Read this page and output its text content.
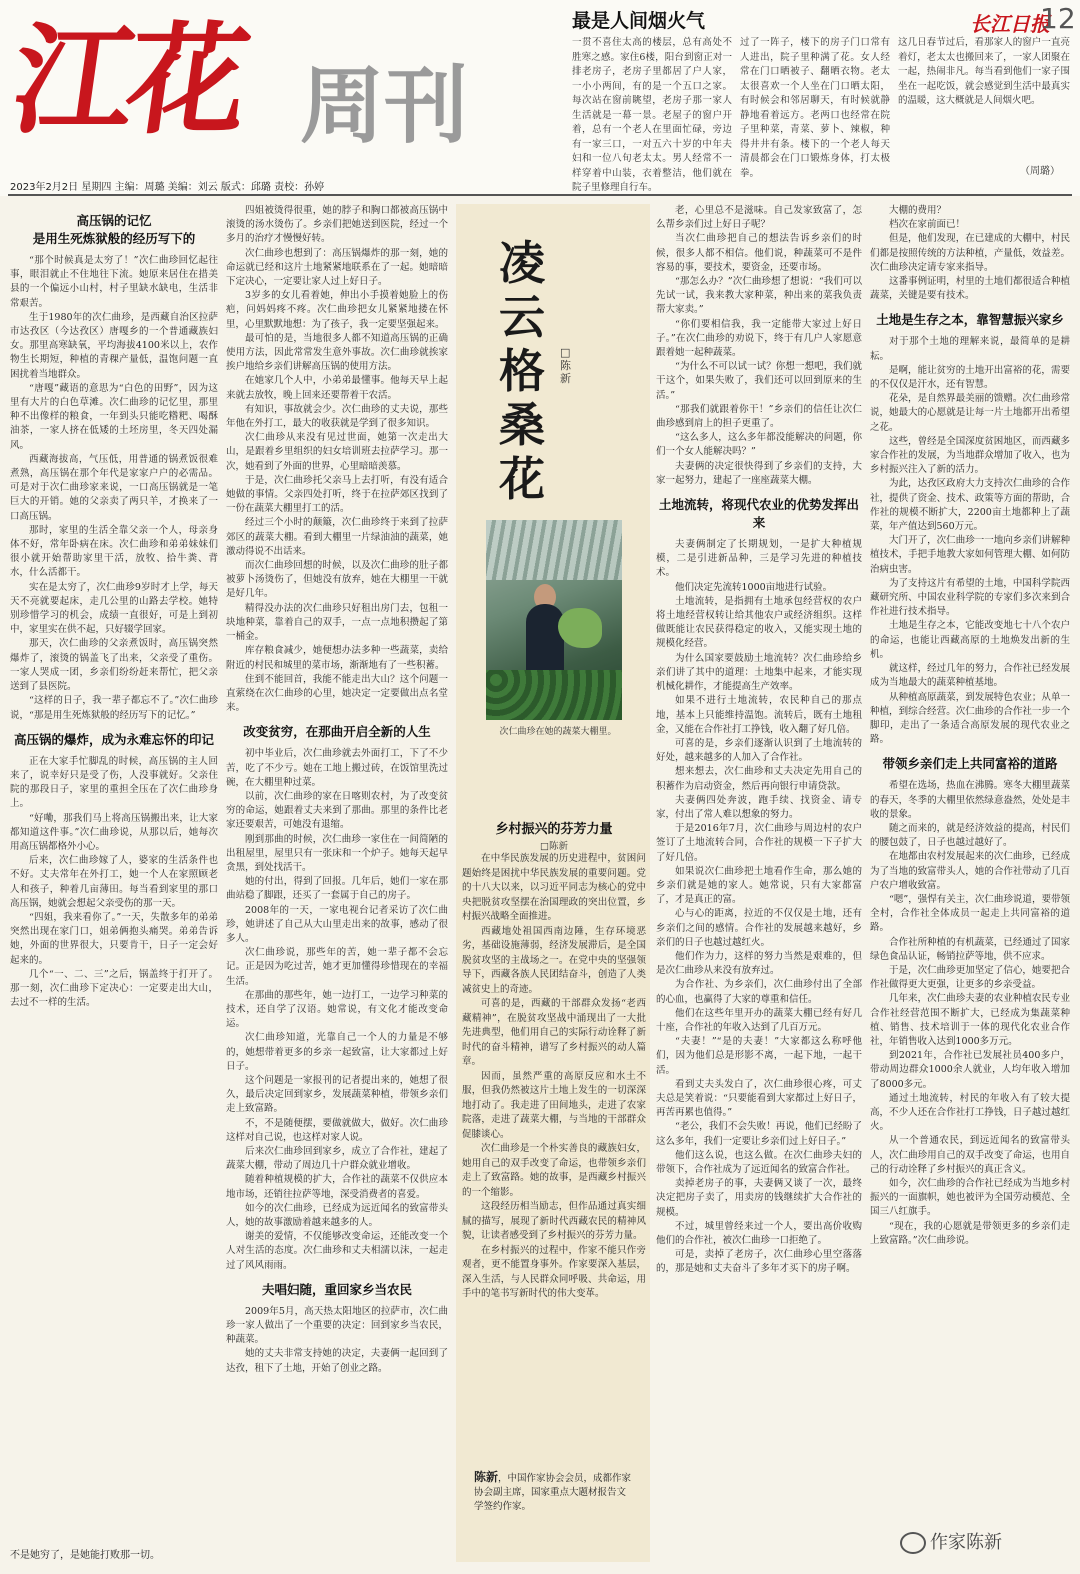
江花 周刊
最是人间烟火气	长江日报
12
一贯不喜住太高的楼层，总有高处不胜寒之感。家住6楼，阳台到窗正对一排老房子，老房子里都居了户人家，一小小两间，有的是一个五口之家。每次站在窗前眺望，老房子那一家人生活就是一幕一景。老屋子的窗户开着，总有一个老人在里面忙碌，旁边有一家三口，一对五六十岁的中年夫妇和一位八旬老太太。男人经常不一样穿着中山装，衣着整洁，他们就在院子里修理自行车。
过了一阵子，楼下的房子门口常有人进出，院子里种满了花。女人经常在门口晒被子、翻晒衣物。老太太很喜欢一个人坐在门口晒太阳，有时候会和邻居聊天，有时候就静静地看着远方。老两口也经常在院子里种菜，青菜、萝卜、辣椒，种得井井有条。楼下的一个老人每天清晨都会在门口锻炼身体，打太极拳。
这几日春节过后，看那家人的窗户一直亮着灯，老太太也搬回来了，一家人团聚在一起，热闹非凡。每当看到他们一家子围坐在一起吃饭，就会感觉到生活中最真实的温暖，这大概就是人间烟火吧。
（周璐）
2023年2月2日 星期四 主编：周璐 美编：刘云 版式：邱璐 责校：孙婷
高压锅的记忆
是用生死炼狱般的经历写下的

“那个时候真是太穷了！”次仁曲珍回忆起往事，眼泪就止不住地往下流。她原来居住在措美县的一个偏远小山村，村子里缺水缺电，生活非常艰苦。

生于1980年的次仁曲珍，是西藏自治区拉萨市达孜区（今达孜区）唐嘎乡的一个普通藏族妇女。那里高寒缺氧，平均海拔4100米以上，农作物生长期短，种植的青稞产量低，温饱问题一直困扰着当地群众。

“唐嘎”藏语的意思为“白色的田野”，因为这里有大片的白色草滩。次仁曲珍的记忆里，那里种不出像样的粮食，一年到头只能吃糌粑、喝酥油茶，一家人挤在低矮的土坯房里，冬天四处漏风。

西藏海拔高，气压低，用普通的锅煮饭很难煮熟，高压锅在那个年代是家家户户的必需品。可是对于次仁曲珍家来说，一口高压锅就是一笔巨大的开销。她的父亲卖了两只羊，才换来了一口高压锅。

那时，家里的生活全靠父亲一个人，母亲身体不好，常年卧病在床。次仁曲珍和弟弟妹妹们很小就开始帮助家里干活，放牧、拾牛粪、背水，什么活都干。

实在是太穷了，次仁曲珍9岁时才上学，每天天不亮就要起床，走几公里的山路去学校。她特别珍惜学习的机会，成绩一直很好，可是上到初中，家里实在供不起，只好辍学回家。

那天，次仁曲珍的父亲煮饭时，高压锅突然爆炸了，滚烫的锅盖飞了出来，父亲受了重伤。一家人哭成一团，乡亲们纷纷赶来帮忙，把父亲送到了县医院。

“这样的日子，我一辈子都忘不了。”次仁曲珍说，“那是用生死炼狱般的经历写下的记忆。”

高压锅的爆炸，成为永难忘怀的印记

正在大家手忙脚乱的时候，高压锅的主人回来了，说幸好只是受了伤，人没事就好。父亲住院的那段日子，家里的重担全压在了次仁曲珍身上。

“好嘞，那我们马上将高压锅搬出来，让大家都知道这件事。”次仁曲珍说，从那以后，她每次用高压锅都格外小心。

后来，次仁曲珍嫁了人，婆家的生活条件也不好。丈夫常年在外打工，她一个人在家照顾老人和孩子，种着几亩薄田。每当看到家里的那口高压锅，她就会想起父亲受伤的那一天。

“四姐，我来看你了。”一天，失散多年的弟弟突然出现在家门口，姐弟俩抱头痛哭。弟弟告诉她，外面的世界很大，只要肯干，日子一定会好起来的。

几个“一、二、三”之后，锅盖终于打开了。那一刻，次仁曲珍下定决心：一定要走出大山，去过不一样的生活。

四姐被烫得很重，她的脖子和胸口都被高压锅中滚烫的汤水烫伤了。乡亲们把她送到医院，经过一个多月的治疗才慢慢好转。

次仁曲珍也想到了：高压锅爆炸的那一刻，她的命运就已经和这片土地紧紧地联系在了一起。她暗暗下定决心，一定要让家人过上好日子。

3岁多的女儿看着她，伸出小手摸着她脸上的伤疤，问妈妈疼不疼。次仁曲珍把女儿紧紧地搂在怀里，心里默默地想：为了孩子，我一定要坚强起来。

最可怕的是，当地很多人都不知道高压锅的正确使用方法，因此常常发生意外事故。次仁曲珍就挨家挨户地给乡亲们讲解高压锅的使用方法。

在她家几个人中，小弟弟最懂事。他每天早上起来就去放牧，晚上回来还要帮着干农活。

有知识，事故就会少。次仁曲珍的丈夫说，那些年他在外打工，最大的收获就是学到了很多知识。

次仁曲珍从来没有见过世面，她第一次走出大山，是跟着乡里组织的妇女培训班去拉萨学习。那一次，她看到了外面的世界，心里暗暗羡慕。

于是，次仁曲珍托父亲马上去打听，有没有适合她做的事情。父亲四处打听，终于在拉萨郊区找到了一份在蔬菜大棚里打工的活。

经过三个小时的颠簸，次仁曲珍终于来到了拉萨郊区的蔬菜大棚。看到大棚里一片绿油油的蔬菜，她激动得说不出话来。

而次仁曲珍回想的时候，以及次仁曲珍的肚子都被萝卜汤烫伤了，但她没有放弃，她在大棚里一干就是好几年。

精得没办法的次仁曲珍只好租出房门去，包租一块地种菜，靠着自己的双手，一点一点地积攒起了第一桶金。

库存粮食减少，她便想办法多种一些蔬菜，卖给附近的村民和城里的菜市场，渐渐地有了一些积蓄。

住到不能回首，我能不能走出大山？这个问题一直萦绕在次仁曲珍的心里，她决定一定要做出点名堂来。

改变贫穷，在那曲开启全新的人生

初中毕业后，次仁曲珍就去外面打工，下了不少苦，吃了不少亏。她在工地上搬过砖，在饭馆里洗过碗，在大棚里种过菜。

以前，次仁曲珍的家在日喀则农村，为了改变贫穷的命运，她跟着丈夫来到了那曲。那里的条件比老家还要艰苦，可她没有退缩。

刚到那曲的时候，次仁曲珍一家住在一间简陋的出租屋里，屋里只有一张床和一个炉子。她每天起早贪黑，到处找活干。

她的付出，得到了回报。几年后，她们一家在那曲站稳了脚跟，还买了一套属于自己的房子。

2008年的一天，一家电视台记者采访了次仁曲珍，她讲述了自己从大山里走出来的故事，感动了很多人。

次仁曲珍说，那些年的苦，她一辈子都不会忘记。正是因为吃过苦，她才更加懂得珍惜现在的幸福生活。

在那曲的那些年，她一边打工，一边学习种菜的技术，还自学了汉语。她常说，有文化才能改变命运。

次仁曲珍知道，光靠自己一个人的力量是不够的，她想带着更多的乡亲一起致富，让大家都过上好日子。

这个问题是一家报刊的记者提出来的，她想了很久，最后决定回到家乡，发展蔬菜种植，带领乡亲们走上致富路。

不，不是随便摆，要做就做大，做好。次仁曲珍这样对自己说，也这样对家人说。

后来次仁曲珍回到家乡，成立了合作社，建起了蔬菜大棚，带动了周边几十户群众就业增收。

随着种植规模的扩大，合作社的蔬菜不仅供应本地市场，还销往拉萨等地，深受消费者的喜爱。

如今的次仁曲珍，已经成为远近闻名的致富带头人，她的故事激励着越来越多的人。

谢美的爱情，不仅能够改变命运，还能改变一个人对生活的态度。次仁曲珍和丈夫相濡以沫，一起走过了风风雨雨。

夫唱妇随，重回家乡当农民

2009年5月，高天热太阳地区的拉萨市，次仁曲珍一家人做出了一个重要的决定：回到家乡当农民，种蔬菜。

她的丈夫非常支持她的决定，夫妻俩一起回到了达孜，租下了土地，开始了创业之路。

凌云格桑花
□陈新
次仁曲珍在她的蔬菜大棚里。
乡村振兴的芬芳力量
□陈新

在中华民族发展的历史进程中，贫困问题始终是困扰中华民族发展的重要问题。党的十八大以来，以习近平同志为核心的党中央把脱贫攻坚摆在治国理政的突出位置，乡村振兴战略全面推进。

西藏地处祖国西南边陲，生存环境恶劣，基础设施薄弱，经济发展滞后，是全国脱贫攻坚的主战场之一。在党中央的坚强领导下，西藏各族人民团结奋斗，创造了人类减贫史上的奇迹。

可喜的是，西藏的干部群众发扬“老西藏精神”，在脱贫攻坚战中涌现出了一大批先进典型，他们用自己的实际行动诠释了新时代的奋斗精神，谱写了乡村振兴的动人篇章。

因而，虽然严重的高原反应和水土不服，但我仍然被这片土地上发生的一切深深地打动了。我走进了田间地头，走进了农家院落，走进了蔬菜大棚，与当地的干部群众促膝谈心。

次仁曲珍是一个朴实善良的藏族妇女，她用自己的双手改变了命运，也带领乡亲们走上了致富路。她的故事，是西藏乡村振兴的一个缩影。

这段经历相当励志，但作品通过真实细腻的描写，展现了新时代西藏农民的精神风貌，让读者感受到了乡村振兴的芬芳力量。

在乡村振兴的过程中，作家不能只作旁观者，更不能置身事外。作家要深入基层，深入生活，与人民群众同呼吸、共命运，用手中的笔书写新时代的伟大变革。

陈新，中国作家协会会员，成都作家协会副主席，国家重点大题材报告文学签约作家。

老，心里总不是滋味。自己发家致富了，怎么帮乡亲们过上好日子呢？

当次仁曲珍把自己的想法告诉乡亲们的时候，很多人都不相信。他们说，种蔬菜可不是件容易的事，要技术，要资金，还要市场。

“那怎么办？”次仁曲珍想了想说：“我们可以先试一试，我来教大家种菜，种出来的菜我负责帮大家卖。”

“你们要相信我，我一定能带大家过上好日子。”在次仁曲珍的劝说下，终于有几户人家愿意跟着她一起种蔬菜。

“为什么不可以试一试？你想一想吧，我们就干这个，如果失败了，我们还可以回到原来的生活。”

“那我们就跟着你干！”乡亲们的信任让次仁曲珍感到肩上的担子更重了。

“这么多人，这么多年都没能解决的问题，你们一个女人能解决吗？”

夫妻俩的决定很快得到了乡亲们的支持，大家一起努力，建起了一座座蔬菜大棚。

土地流转，将现代农业的优势发挥出来

夫妻俩制定了长期规划，一是扩大种植规模，二是引进新品种，三是学习先进的种植技术。

他们决定先流转1000亩地进行试验。

土地流转，是指拥有土地承包经营权的农户将土地经营权转让给其他农户或经济组织。这样做既能让农民获得稳定的收入，又能实现土地的规模化经营。

为什么国家要鼓励土地流转？次仁曲珍给乡亲们讲了其中的道理：土地集中起来，才能实现机械化耕作，才能提高生产效率。

如果不进行土地流转，农民种自己的那点地，基本上只能维持温饱。流转后，既有土地租金，又能在合作社打工挣钱，收入翻了好几倍。

可喜的是，乡亲们逐渐认识到了土地流转的好处，越来越多的人加入了合作社。

想来想去，次仁曲珍和丈夫决定先用自己的积蓄作为启动资金，然后再向银行申请贷款。

夫妻俩四处奔波，跑手续、找资金、请专家，付出了常人难以想象的努力。

于是2016年7月，次仁曲珍与周边村的农户签订了土地流转合同，合作社的规模一下子扩大了好几倍。

如果说次仁曲珍把土地看作生命，那么她的乡亲们就是她的家人。她常说，只有大家都富了，才是真正的富。

心与心的距离，拉近的不仅仅是土地，还有乡亲们之间的感情。合作社的发展越来越好，乡亲们的日子也越过越红火。

他们作为力，这样的努力当然是艰难的，但是次仁曲珍从来没有放弃过。

为合作社、为乡亲们，次仁曲珍付出了全部的心血，也赢得了大家的尊重和信任。

他们在这些年里开办的蔬菜大棚已经有好几十座，合作社的年收入达到了几百万元。

“夫妻！”“是的夫妻！”大家都这么称呼他们，因为他们总是形影不离，一起下地，一起干活。

看到丈夫头发白了，次仁曲珍很心疼，可丈夫总是笑着说：“只要能看到大家都过上好日子，再苦再累也值得。”

“老公，我们不会失败！再说，他们已经盼了这么多年，我们一定要让乡亲们过上好日子。”

他们这么说，也这么做。在次仁曲珍夫妇的带领下，合作社成为了远近闻名的致富合作社。

卖掉老房子的事，夫妻俩又谈了一次，最终决定把房子卖了，用卖房的钱继续扩大合作社的规模。

不过，城里曾经来过一个人，要出高价收购他们的合作社，被次仁曲珍一口拒绝了。

可是，卖掉了老房子，次仁曲珍心里空落落的，那是她和丈夫奋斗了多年才买下的房子啊。

大棚的费用？

档次在家前面已！

但是，他们发现，在已建成的大棚中，村民们都是按照传统的方法种植，产量低，效益差。次仁曲珍决定请专家来指导。

这番事例证明，村里的土地们都很适合种植蔬菜，关键是要有技术。

土地是生存之本，靠智慧振兴家乡

对于那个土地的理解来说，最简单的是耕耘。

是啊，能让贫穷的土地开出富裕的花，需要的不仅仅是汗水，还有智慧。

花朵，是自然界最美丽的馈赠。次仁曲珍常说，她最大的心愿就是让每一片土地都开出希望之花。

这些，曾经是全国深度贫困地区，而西藏多家合作社的发展，为当地群众增加了收入，也为乡村振兴注入了新的活力。

为此，达孜区政府大力支持次仁曲珍的合作社，提供了资金、技术、政策等方面的帮助，合作社的规模不断扩大，2200亩土地都种上了蔬菜，年产值达到560万元。

大门开了，次仁曲珍一一地向乡亲们讲解种植技术，手把手地教大家如何管理大棚、如何防治病虫害。

为了支持这片有希望的土地，中国科学院西藏研究所、中国农业科学院的专家们多次来到合作社进行技术指导。

土地是生存之本，它能改变地七十八个农户的命运，也能让西藏高原的土地焕发出新的生机。

就这样，经过几年的努力，合作社已经发展成为当地最大的蔬菜种植基地。

从种植高原蔬菜，到发展特色农业；从单一种植，到综合经营。次仁曲珍的合作社一步一个脚印，走出了一条适合高原发展的现代农业之路。

带领乡亲们走上共同富裕的道路

希望在选场，热血在沸腾。寒冬大棚里蔬菜的春天，冬季的大棚里依然绿意盎然，处处是丰收的景象。

随之而来的，就是经济效益的提高，村民们的腰包鼓了，日子也越过越好了。

在地都由农村发展起来的次仁曲珍，已经成为了当地的致富带头人，她的合作社带动了几百户农户增收致富。

“嗯”，强悍有关主，次仁曲珍说道，要带领全村，合作社全体成员一起走上共同富裕的道路。

合作社所种植的有机蔬菜，已经通过了国家绿色食品认证，畅销拉萨等地，供不应求。

于是，次仁曲珍更加坚定了信心，她要把合作社做得更大更强，让更多的乡亲受益。

几年来，次仁曲珍夫妻的农业种植农民专业合作社经营范围不断扩大，已经成为集蔬菜种植、销售、技术培训于一体的现代化农业合作社，年销售收入达到1000多万元。

到2021年，合作社已发展社员400多户，带动周边群众1000余人就业，人均年收入增加了8000多元。

通过土地流转，村民的年收入有了较大提高，不少人还在合作社打工挣钱，日子越过越红火。

从一个普通农民，到远近闻名的致富带头人，次仁曲珍用自己的双手改变了命运，也用自己的行动诠释了乡村振兴的真正含义。

如今，次仁曲珍的合作社已经成为当地乡村振兴的一面旗帜，她也被评为全国劳动模范、全国三八红旗手。

“现在，我的心愿就是带领更多的乡亲们走上致富路。”次仁曲珍说。

不是她穷了，是她能打败那一切。
作家陈新
